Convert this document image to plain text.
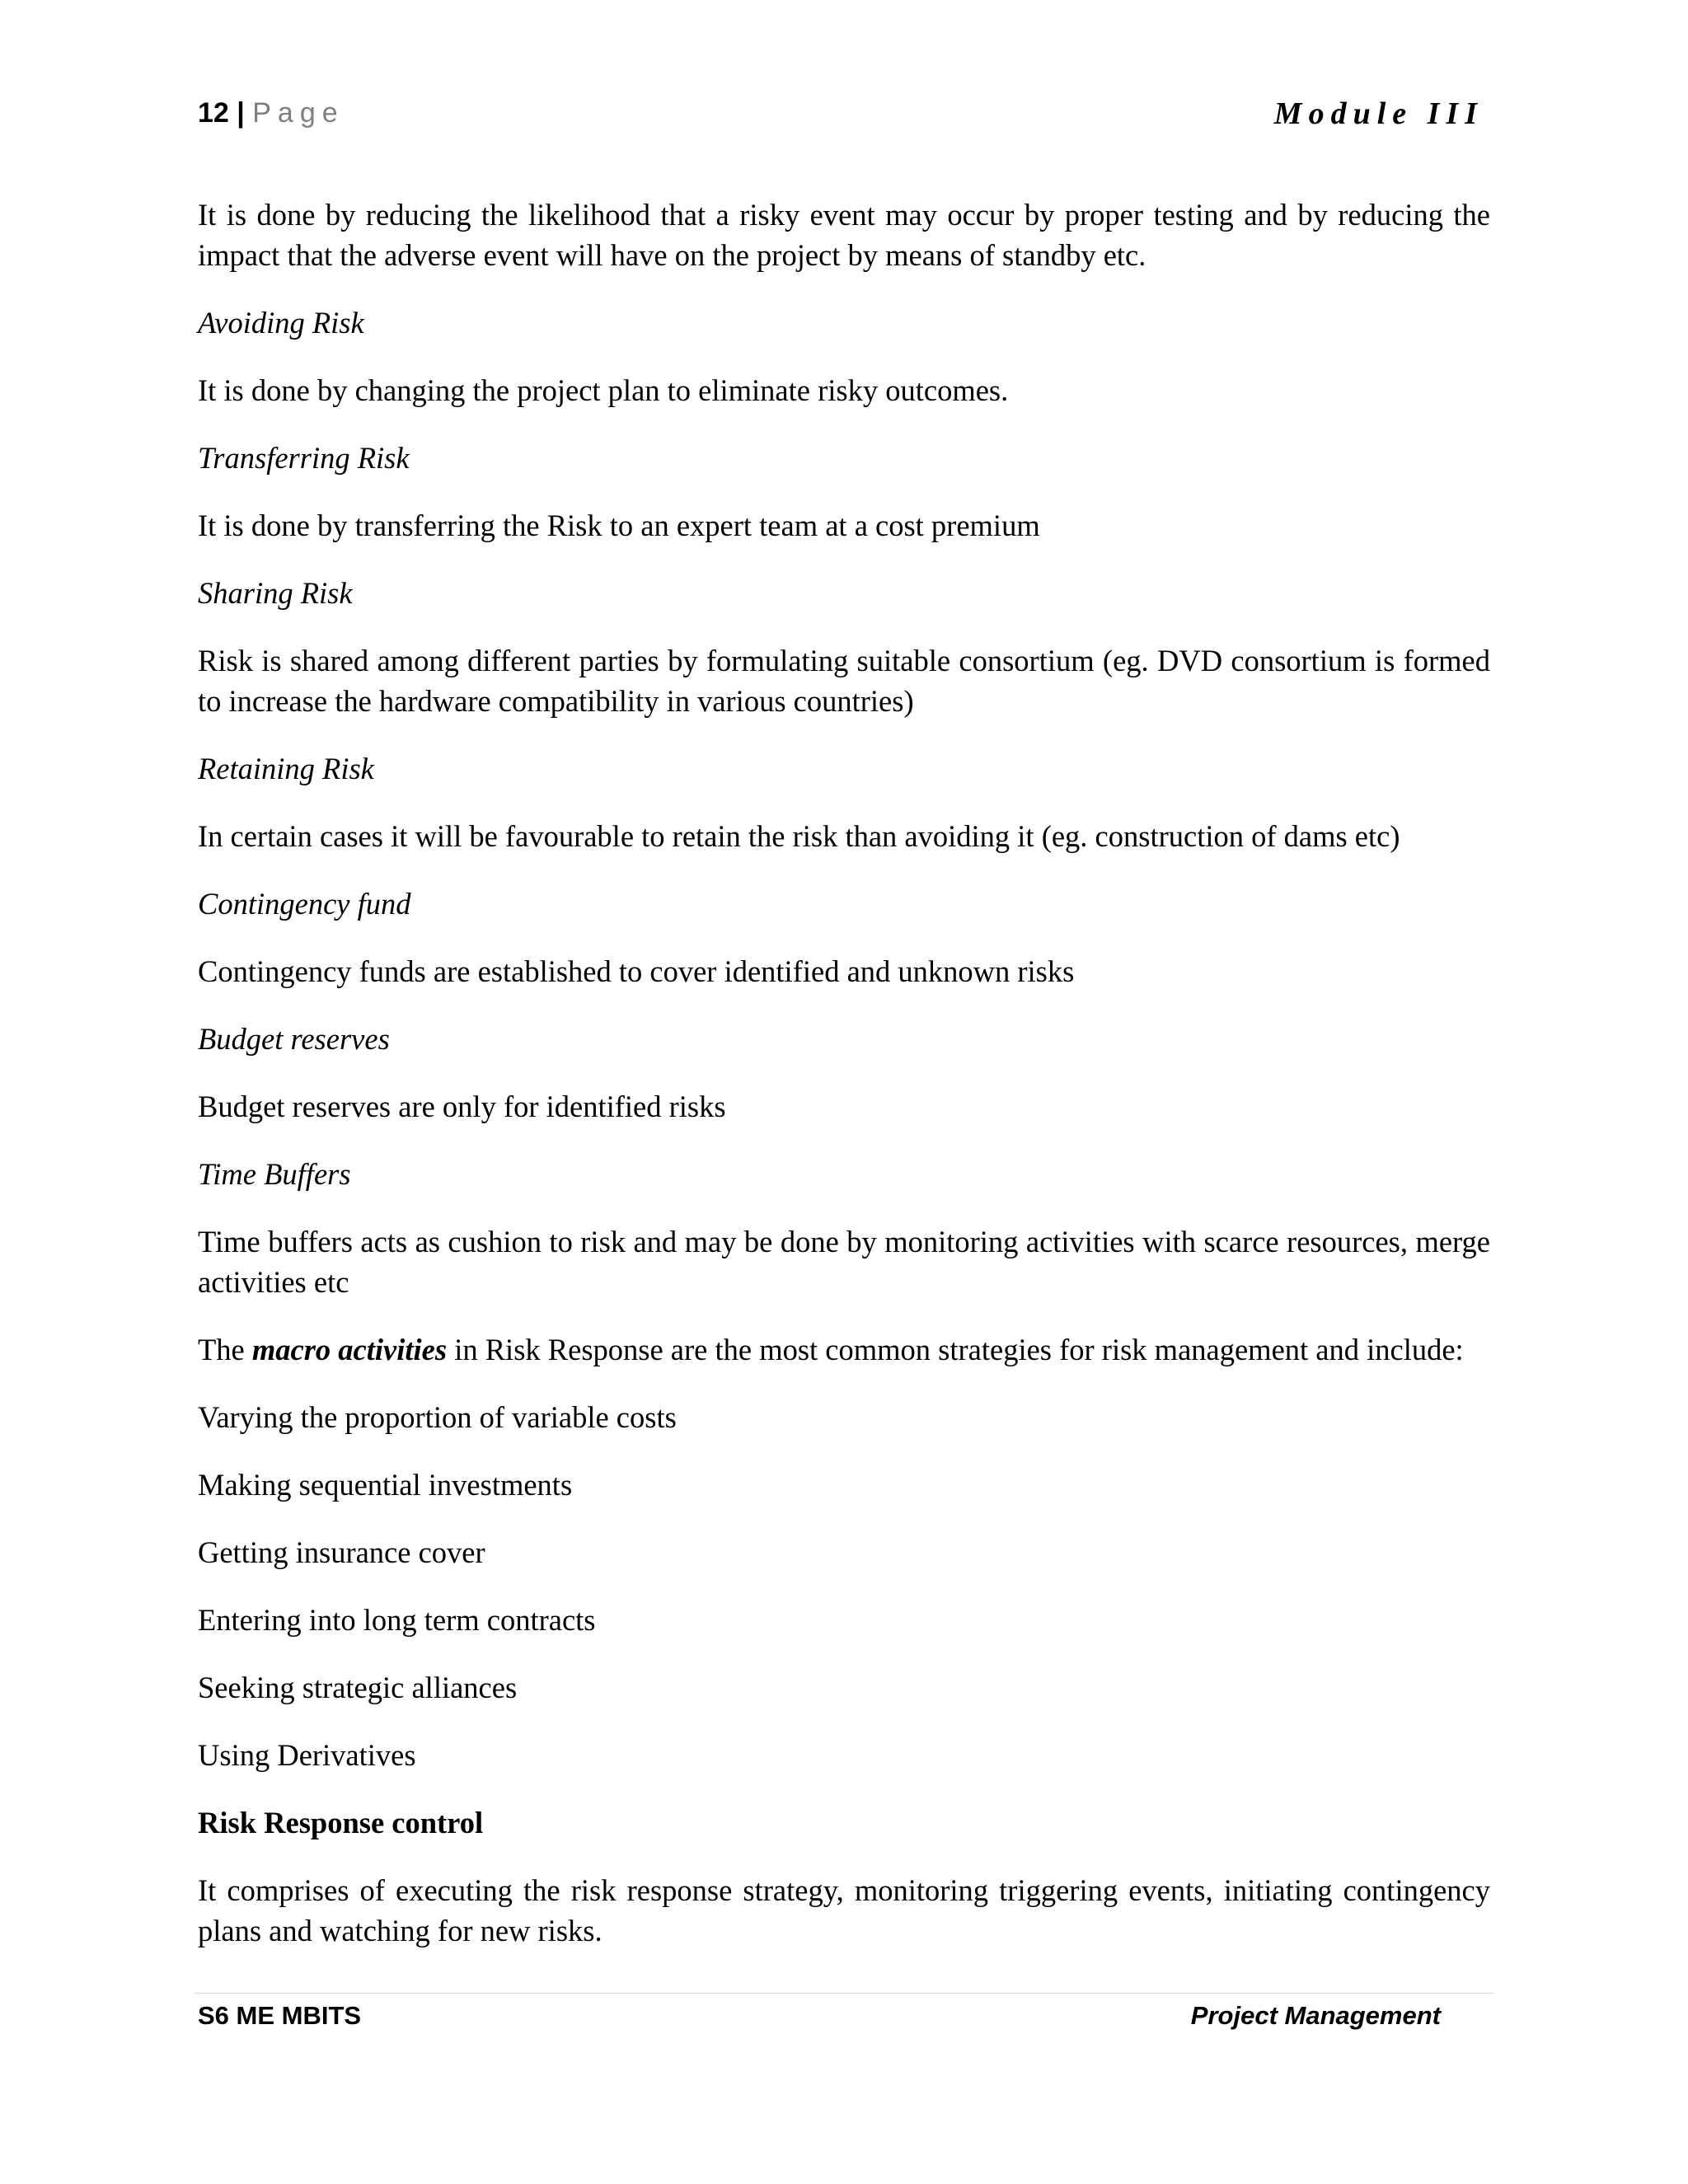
12 | Page	Module III

It is done by reducing the likelihood that a risky event may occur by proper testing and by reducing the impact that the adverse event will have on the project by means of standby etc.

Avoiding Risk

It is done by changing the project plan to eliminate risky outcomes.

Transferring Risk

It is done by transferring the Risk to an expert team at a cost premium

Sharing Risk

Risk is shared among different parties by formulating suitable consortium (eg. DVD consortium is formed to increase the hardware compatibility in various countries)

Retaining Risk

In certain cases it will be favourable to retain the risk than avoiding it (eg. construction of dams etc)

Contingency fund

Contingency funds are established to cover identified and unknown risks

Budget reserves

Budget reserves are only for identified risks

Time Buffers

Time buffers acts as cushion to risk and may be done by monitoring activities with scarce resources, merge activities etc

The macro activities in Risk Response are the most common strategies for risk management and include:

Varying the proportion of variable costs

Making sequential investments

Getting insurance cover

Entering into long term contracts

Seeking strategic alliances

Using Derivatives

Risk Response control

It comprises of executing the risk response strategy, monitoring triggering events, initiating contingency plans and watching for new risks.

S6 ME MBITS	Project Management
